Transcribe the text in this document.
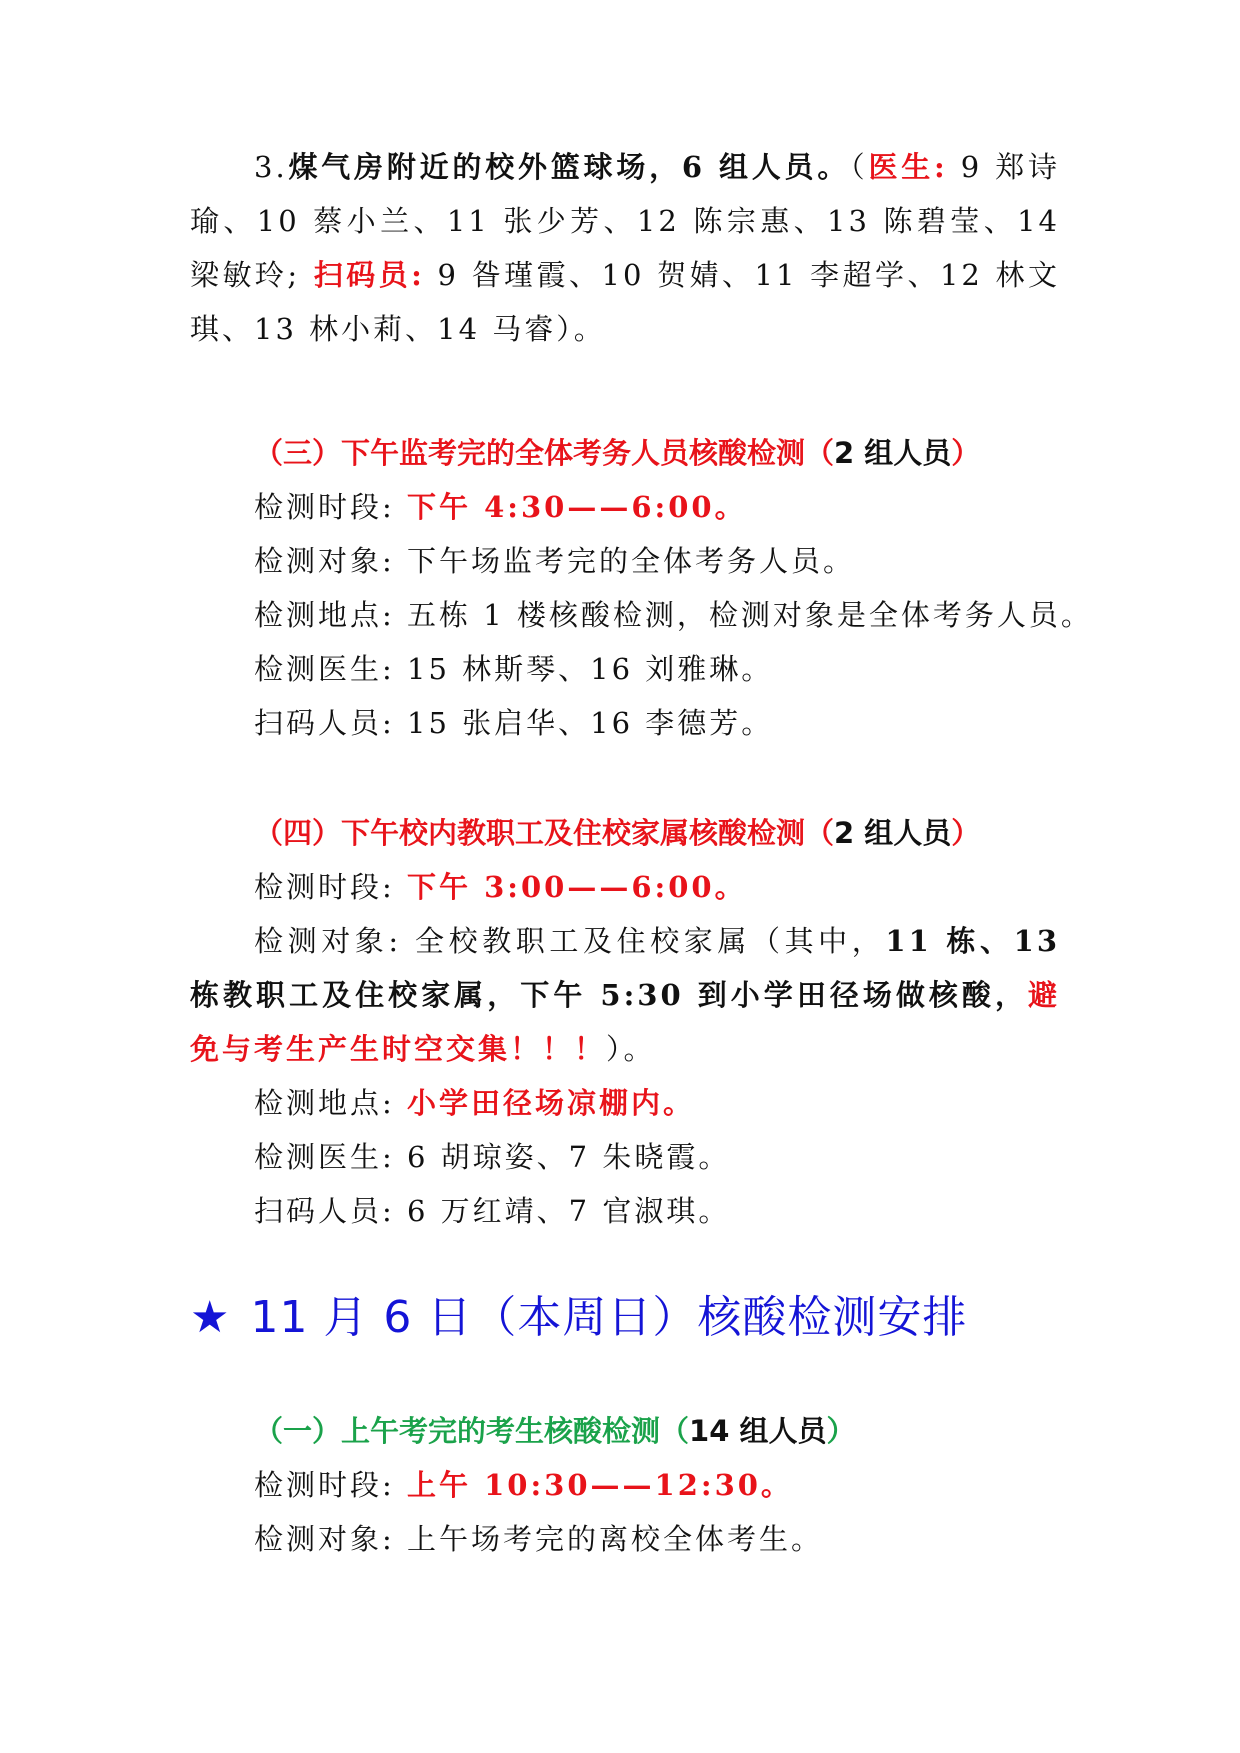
3.煤气房附近的校外篮球场，6 组人员。（医生: 9 郑诗瑜、10 蔡小兰、11 张少芳、12 陈宗惠、13 陈碧莹、14 梁敏玲; 扫码员: 9 昝瑾霞、10 贺婧、11 李超学、12 林文琪、13 林小莉、14 马睿）。

（三）下午监考完的全体考务人员核酸检测（2 组人员）

检测时段: 下午 4:30——6:00。

检测对象: 下午场监考完的全体考务人员。

检测地点: 五栋 1 楼核酸检测，检测对象是全体考务人员。

检测医生: 15 林斯琴、16 刘雅琳。

扫码人员: 15 张启华、16 李德芳。

（四）下午校内教职工及住校家属核酸检测（2 组人员）

检测时段: 下午 3:00——6:00。

检测对象: 全校教职工及住校家属（其中，11 栋、13 栋教职工及住校家属，下午 5:30 到小学田径场做核酸，避免与考生产生时空交集！！！）。

检测地点: 小学田径场凉棚内。

检测医生: 6 胡琼姿、7 朱晓霞。

扫码人员: 6 万红靖、7 官淑琪。

★ 11 月 6 日（本周日）核酸检测安排

（一）上午考完的考生核酸检测（14 组人员）

检测时段: 上午 10:30——12:30。

检测对象: 上午场考完的离校全体考生。
